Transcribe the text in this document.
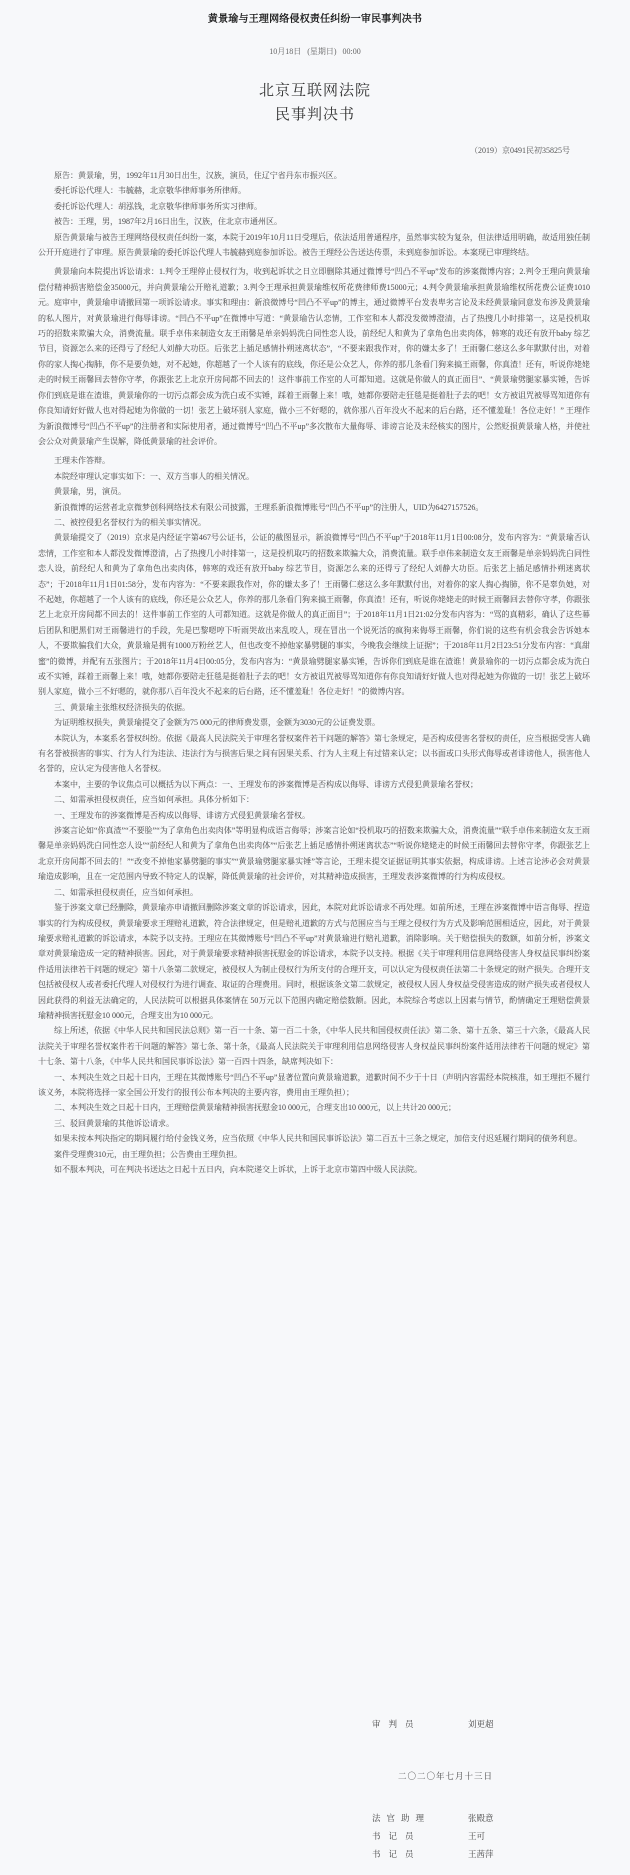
黄景瑜与王理网络侵权责任纠纷一审民事判决书
10月18日 (星期日) 00:00
北京互联网法院
民事判决书
（2019）京0491民初35825号

原告：黄景瑜，男，1992年11月30日出生，汉族，演员，住辽宁省丹东市振兴区。

委托诉讼代理人：韦毓赫，北京敬华律师事务所律师。

委托诉讼代理人：胡泓钱，北京敬华律师事务所实习律师。

被告：王理，男，1987年2月16日出生，汉族，住北京市通州区。

原告黄景瑜与被告王理网络侵权责任纠纷一案，本院于2019年10月11日受理后，依法适用普通程序，虽然事实较为复杂，但法律适用明确，故适用独任制公开开庭进行了审理。原告黄景瑜的委托诉讼代理人韦毓赫到庭参加诉讼。被告王理经公告送达传票，未到庭参加诉讼。本案现已审理终结。

黄景瑜向本院提出诉讼请求：1.判令王理停止侵权行为，收到起诉状之日立即删除其通过微博号“凹凸不平up”发布的涉案微博内容；2.判令王理向黄景瑜偿付精神损害赔偿金35000元，并向黄景瑜公开赔礼道歉；3.判令王理承担黄景瑜维权所花费律师费15000元；4.判令黄景瑜承担黄景瑜维权所花费公证费1010元。庭审中，黄景瑜申请撤回第一项诉讼请求。事实和理由：新浪微博号“凹凸不平up”的博主，通过微博平台发表卑劣言论及未经黄景瑜同意发布涉及黄景瑜的私人图片，对黄景瑜进行侮辱诽谤。“凹凸不平up”在微博中写道：“黄景瑜告认恋情，工作室和本人都没发微博澄清，占了热搜几小时排第一，这是投机取巧的招数来欺骗大众，消费流量。联手卓伟来制造女友王雨馨是单亲妈妈洗白同性恋人设，前经纪人和黄为了拿角色出卖肉体，韩寒的戏还有放开baby 综艺节目，资源怎么来的还得亏了经纪人刘静大功臣。后张艺上插足感情扑朔迷离状态”，“不要来跟我作对，你的嫌太多了！王雨馨仁慈这么多年默默付出，对着你的家人掏心掏肺，你不是要负她，对不起她，你超越了一个人该有的底线，你还是公众艺人，你养的那几条看门狗来搞王雨馨，你真渣！还有，听说你姥姥走的时候王雨馨回去替你守孝，你跟张艺上北京开房间都不回去的！这件事前工作室的人可都知道。这就是你做人的真正面目”、“黄景瑜劈腿家暴实锤，告诉你们到底是谁在渣谁，黄景瑜你的一切污点都会成为洗白或不实锤，踩着王雨馨上来！哦，她都你要陪走狂毯是挺着肚子去的吧！女方被诅咒被辱骂知道你有你良知请好好做人也对得起她为你做的一切！张艺上破坏别人家庭，做小三不好嗯的，就你那八百年没火不起来的后台路，还不懂羞耻！各位走好！” 王理作为新浪微博号“凹凸不平up”的注册者和实际使用者，通过微博号“凹凸不平up”多次散布大量侮辱、诽谤言论及未经核实的图片，公然贬损黄景瑜人格，并使社会公众对黄景瑜产生误解，降低黄景瑜的社会评价。

王理未作答辩。

本院经审理认定事实如下：一、双方当事人的相关情况。

黄景瑜，男，演员。

新浪微博的运营者北京微梦创科网络技术有限公司披露，王理系新浪微博账号“凹凸不平up”的注册人，UID为6427157526。

二、被控侵犯名誉权行为的相关事实情况。

黄景瑜提交了（2019）京求是内经证字第467号公证书，公证的截图显示，新浪微博号“凹凸不平up”于2018年11月1日00:08分，发布内容为：“黄景瑜否认恋情，工作室和本人都没发微博澄清，占了热搜几小时排第一，这是投机取巧的招数来欺骗大众，消费流量。联手卓伟来制造女友王雨馨是单亲妈妈洗白同性恋人设，前经纪人和黄为了拿角色出卖肉体，韩寒的戏还有放开baby 综艺节目，资源怎么来的还得亏了经纪人刘静大功臣。后张艺上插足感情扑朔迷离状态”；于2018年11月1日01:58分，发布内容为：“不要来跟我作对，你的嫌太多了！王雨馨仁慈这么多年默默付出，对着你的家人掏心掏肺，你不是辜负她，对不起她，你超越了一个人该有的底线，你还是公众艺人，你养的那几条看门狗来搞王雨馨，你真渣！还有，听说你姥姥走的时候王雨馨回去替你守孝，你跟张艺上北京开房间都不回去的！这件事前工作室的人可都知道。这就是你做人的真正面目”；于2018年11月1日21:02分发布内容为：“骂的真精彩，确认了这些幕后团队和肥黑们对王雨馨进行的手段，先是巴黎嗯哼下听雨哭故出来乱咬人，现在冒出一个说死活的疯狗来侮辱王雨馨，你们说的这些有机会我会告诉她本人，不要欺骗我们大众，黄景瑜是拥有1000万粉丝艺人，但也改变不掉他家暴劈腿的事实，今晚我会继续上证据”；于2018年11月2日23:51分发布内容：“真甜蜜”的微博，并配有五张图片；于2018年11月4日00:05分，发布内容为：“黄景瑜劈腿家暴实锤，告诉你们到底是谁在渣谁！黄景瑜你的一切污点都会成为洗白或不实锤，踩着王雨馨上来！哦，她都你要陪走狂毯是挺着肚子去的吧！女方被诅咒被辱骂知道你有你良知请好好做人也对得起她为你做的一切！张艺上破坏别人家庭，做小三不好嗯的，就你那八百年没火不起来的后台路，还不懂羞耻！各位走好！”的微博内容。

三、黄景瑜主张维权经济损失的依据。

为证明维权损失，黄景瑜提交了金额为75 000元的律师费发票，金额为3030元的公证费发票。

本院认为，本案系名誉权纠纷。依据《最高人民法院关于审理名誉权案件若干问题的解答》第七条规定，是否构成侵害名誉权的责任，应当根据受害人确有名誉被损害的事实、行为人行为违法、违法行为与损害后果之间有因果关系、行为人主观上有过错来认定；以书面或口头形式侮辱或者诽谤他人，损害他人名誉的，应认定为侵害他人名誉权。

本案中，主要的争议焦点可以概括为以下两点：一、王理发布的涉案微博是否构成以侮辱、诽谤方式侵犯黄景瑜名誉权；

二、如需承担侵权责任，应当如何承担。具体分析如下：

一、王理发布的涉案微博是否构成以侮辱、诽谤方式侵犯黄景瑜名誉权。

涉案言论如“你真渣”“不要脸”“为了拿角色出卖肉体”等明显构成语言侮辱；涉案言论如“投机取巧的招数来欺骗大众，消费流量”“联手卓伟来制造女友王雨馨是单亲妈妈洗白同性恋人设”“前经纪人和黄为了拿角色出卖肉体”“后张艺上插足感情扑朔迷离状态”“听说你姥姥走的时候王雨馨回去替你守孝，你跟张艺上北京开房间都不回去的！”“改变不掉他家暴劈腿的事实”“黄景瑜劈腿家暴实锤”等言论，王理未提交证据证明其事实依据，构成诽谤。上述言论涉必会对黄景瑜造成影响，且在一定范围内导致不特定人的误解，降低黄景瑜的社会评价，对其精神造成损害，王理发表涉案微博的行为构成侵权。

二、如需承担侵权责任，应当如何承担。

鉴于涉案文章已经删除，黄景瑜亦申请撤回删除涉案文章的诉讼请求，因此，本院对此诉讼请求不再处理。如前所述，王理在涉案微博中语言侮辱、捏造事实的行为构成侵权，黄景瑜要求王理赔礼道歉，符合法律规定，但是赔礼道歉的方式与范围应当与王理之侵权行为方式及影响范围相适应，因此，对于黄景瑜要求赔礼道歉的诉讼请求，本院予以支持。王理应在其微博账号“凹凸不平up”对黄景瑜进行赔礼道歉，消除影响。关于赔偿损失的数额，如前分析，涉案文章对黄景瑜造成一定的精神损害。因此，对于黄景瑜要求精神损害抚慰金的诉讼请求，本院予以支持。根据《关于审理利用信息网络侵害人身权益民事纠纷案件适用法律若干问题的规定》第十八条第二款规定，被侵权人为制止侵权行为所支付的合理开支，可以认定为侵权责任法第二十条规定的财产损失。合理开支包括被侵权人或者委托代理人对侵权行为进行调查、取证的合理费用。同时，根据该条文第二款规定，被侵权人因人身权益受侵害造成的财产损失或者侵权人因此获得的利益无法确定的，人民法院可以根据具体案情在 50万元以下范围内确定赔偿数额。因此，本院综合考虑以上因素与情节，酌情确定王理赔偿黄景瑜精神损害抚慰金10 000元，合理支出为10 000元。

综上所述，依据《中华人民共和国民法总则》第一百一十条、第一百二十条，《中华人民共和国侵权责任法》第二条、第十五条、第三十六条，《最高人民法院关于审理名誉权案件若干问题的解答》第七条、第十条，《最高人民法院关于审理利用信息网络侵害人身权益民事纠纷案件适用法律若干问题的规定》第十七条、第十八条，《中华人民共和国民事诉讼法》第一百四十四条，缺席判决如下：

一、本判决生效之日起十日内，王理在其微博账号“凹凸不平up”显著位置向黄景瑜道歉，道歉时间不少于十日（声明内容需经本院核准，如王理拒不履行该义务，本院将选择一家全国公开发行的报刊公布本判决的主要内容，费用由王理负担）；

二、本判决生效之日起十日内，王理赔偿黄景瑜精神损害抚慰金10 000元，合理支出10 000元，以上共计20 000元；

三、驳回黄景瑜的其他诉讼请求。

如果未按本判决指定的期间履行给付金钱义务，应当依照《中华人民共和国民事诉讼法》第二百五十三条之规定，加倍支付迟延履行期间的债务利息。

案件受理费310元，由王理负担；公告费由王理负担。

如不服本判决，可在判决书送达之日起十五日内，向本院递交上诉状，上诉于北京市第四中级人民法院。

审判员	刘更超
二〇二〇年七月十三日
法官助理	张殿意
书记员	王可
书记员	王茜萍
